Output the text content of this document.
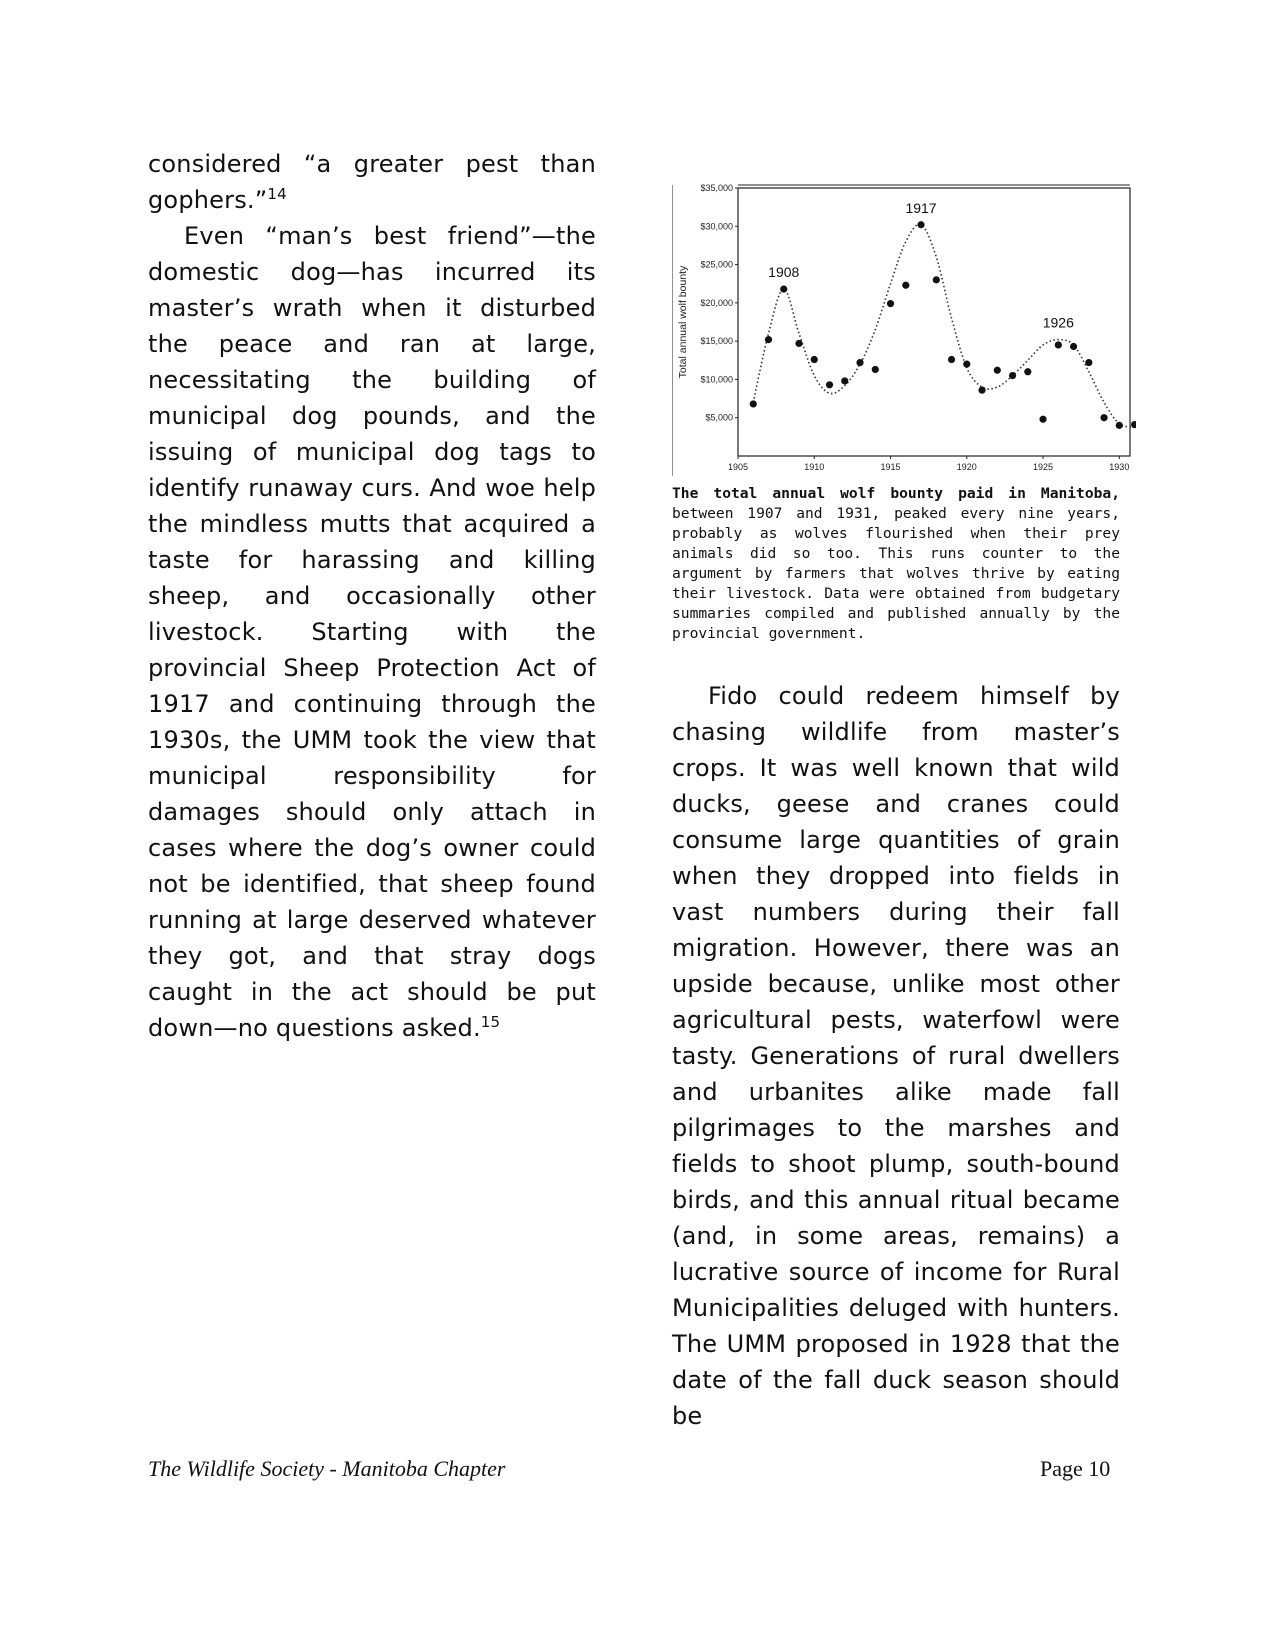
considered “a greater pest than gophers.”$^{14}$

Even “man’s best friend”—the domestic dog—has incurred its master’s wrath when it disturbed the peace and ran at large, necessitating the building of municipal dog pounds, and the issuing of municipal dog tags to identify runaway curs. And woe help the mindless mutts that acquired a taste for harassing and killing sheep, and occasionally other livestock. Starting with the provincial Sheep Protection Act of 1917 and continuing through the 1930s, the UMM took the view that municipal responsibility for damages should only attach in cases where the dog’s owner could not be identified, that sheep found running at large deserved whatever they got, and that stray dogs caught in the act should be put down—no questions asked.$^{15}$

$5,000
$10,000
$15,000
$20,000
$25,000
$30,000
$35,000
1905	1910	1915	1920	1925	1930
Total annual wolf bounty	1908
1917
1926
The total annual wolf bounty paid in Manitoba, between 1907 and 1931, peaked every nine years, probably as wolves flourished when their prey animals did so too. This runs counter to the argument by farmers that wolves thrive by eating their livestock. Data were obtained from budgetary summaries compiled and published annually by the provincial government.

Fido could redeem himself by chasing wildlife from master’s crops. It was well known that wild ducks, geese and cranes could consume large quantities of grain when they dropped into fields in vast numbers during their fall migration. However, there was an upside because, unlike most other agricultural pests, waterfowl were tasty. Generations of rural dwellers and urbanites alike made fall pilgrimages to the marshes and fields to shoot plump, south-bound birds, and this annual ritual became (and, in some areas, remains) a lucrative source of income for Rural Municipalities deluged with hunters. The UMM proposed in 1928 that the date of the fall duck season should be

The Wildlife Society - Manitoba Chapter	Page 10
